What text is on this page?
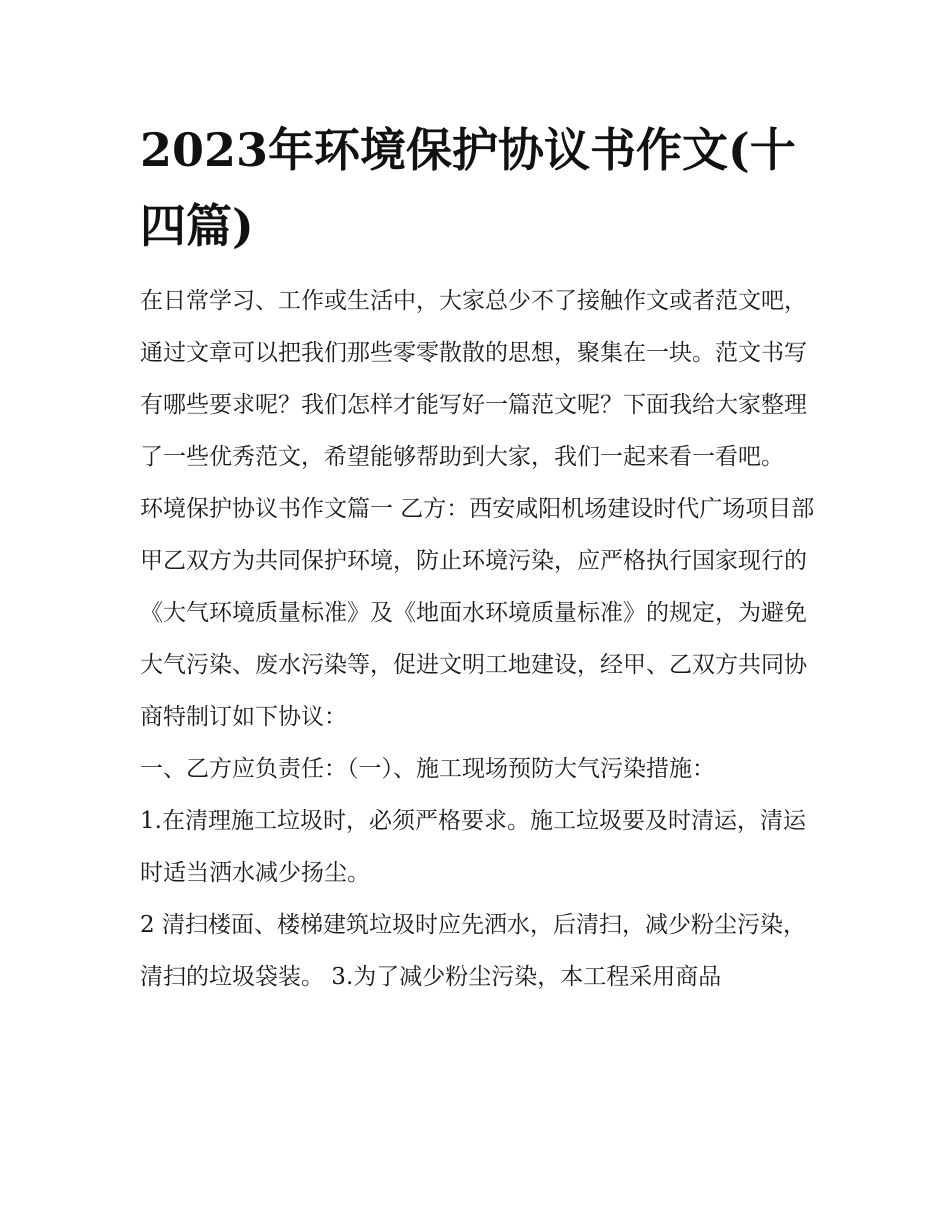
2023年环境保护协议书作文(十四篇)

在日常学习、工作或生活中，大家总少不了接触作文或者范文吧，通过文章可以把我们那些零零散散的思想，聚集在一块。范文书写有哪些要求呢？我们怎样才能写好一篇范文呢？下面我给大家整理了一些优秀范文，希望能够帮助到大家，我们一起来看一看吧。

环境保护协议书作文篇一 乙方：西安咸阳机场建设时代广场项目部

甲乙双方为共同保护环境，防止环境污染，应严格执行国家现行的《大气环境质量标准》及《地面水环境质量标准》的规定，为避免大气污染、废水污染等，促进文明工地建设，经甲、乙双方共同协商特制订如下协议：

一、乙方应负责任：（一）、施工现场预防大气污染措施：

1.在清理施工垃圾时，必须严格要求。施工垃圾要及时清运，清运时适当洒水减少扬尘。

2 清扫楼面、楼梯建筑垃圾时应先洒水，后清扫，减少粉尘污染，清扫的垃圾袋装。 3.为了减少粉尘污染，本工程采用商品
